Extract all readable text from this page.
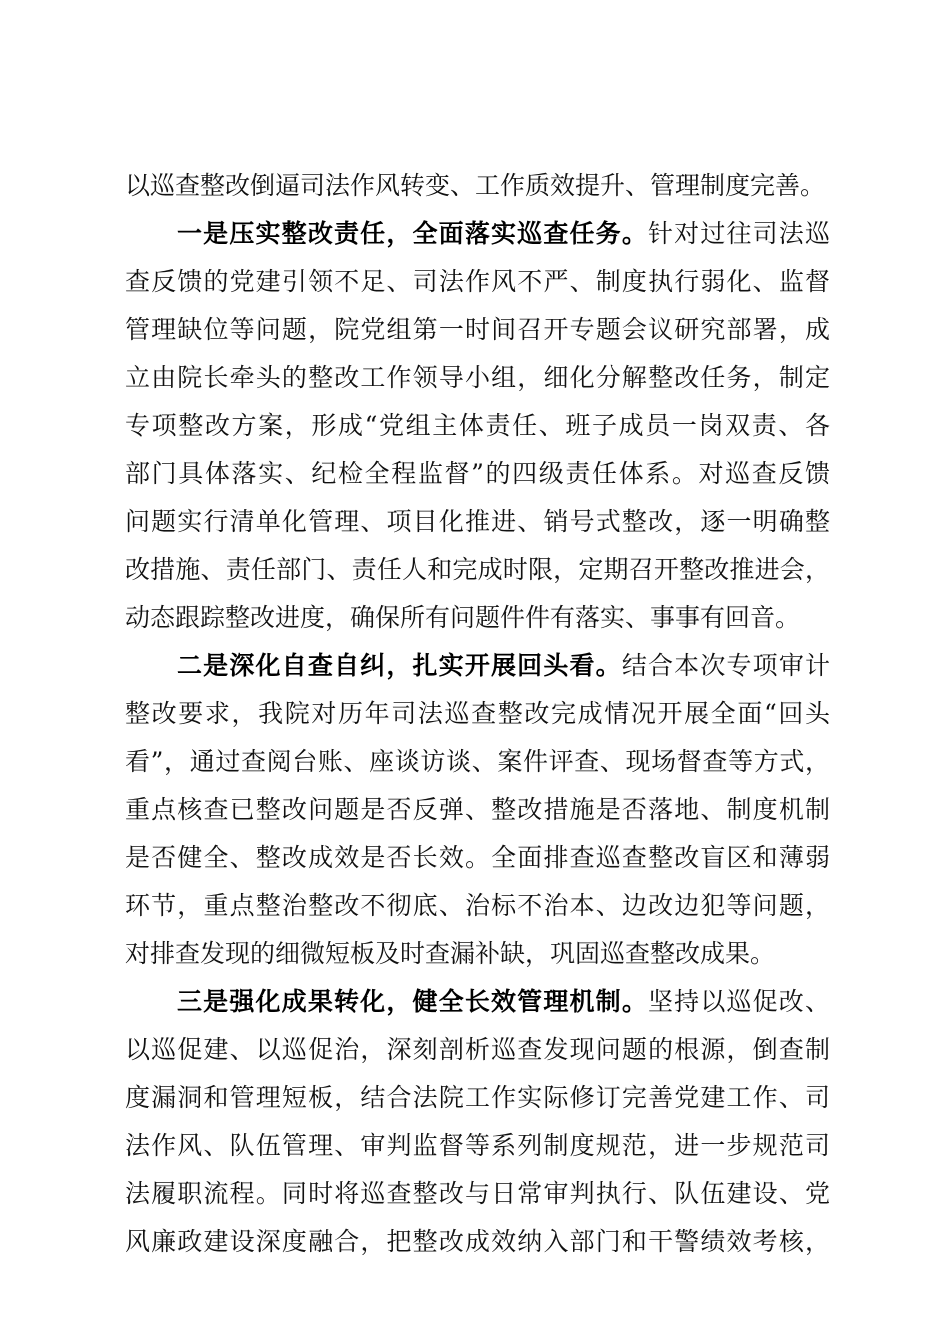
以巡查整改倒逼司法作风转变、工作质效提升、管理制度完善。
一是压实整改责任，全面落实巡查任务。针对过往司法巡
查反馈的党建引领不足、司法作风不严、制度执行弱化、监督
管理缺位等问题，院党组第一时间召开专题会议研究部署，成
立由院长牵头的整改工作领导小组，细化分解整改任务，制定
专项整改方案，形成“党组主体责任、班子成员一岗双责、各
部门具体落实、纪检全程监督”的四级责任体系。对巡查反馈
问题实行清单化管理、项目化推进、销号式整改，逐一明确整
改措施、责任部门、责任人和完成时限，定期召开整改推进会，
动态跟踪整改进度，确保所有问题件件有落实、事事有回音。
二是深化自查自纠，扎实开展回头看。结合本次专项审计
整改要求，我院对历年司法巡查整改完成情况开展全面“回头
看”，通过查阅台账、座谈访谈、案件评查、现场督查等方式，
重点核查已整改问题是否反弹、整改措施是否落地、制度机制
是否健全、整改成效是否长效。全面排查巡查整改盲区和薄弱
环节，重点整治整改不彻底、治标不治本、边改边犯等问题，
对排查发现的细微短板及时查漏补缺，巩固巡查整改成果。
三是强化成果转化，健全长效管理机制。坚持以巡促改、
以巡促建、以巡促治，深刻剖析巡查发现问题的根源，倒查制
度漏洞和管理短板，结合法院工作实际修订完善党建工作、司
法作风、队伍管理、审判监督等系列制度规范，进一步规范司
法履职流程。同时将巡查整改与日常审判执行、队伍建设、党
风廉政建设深度融合，把整改成效纳入部门和干警绩效考核，
